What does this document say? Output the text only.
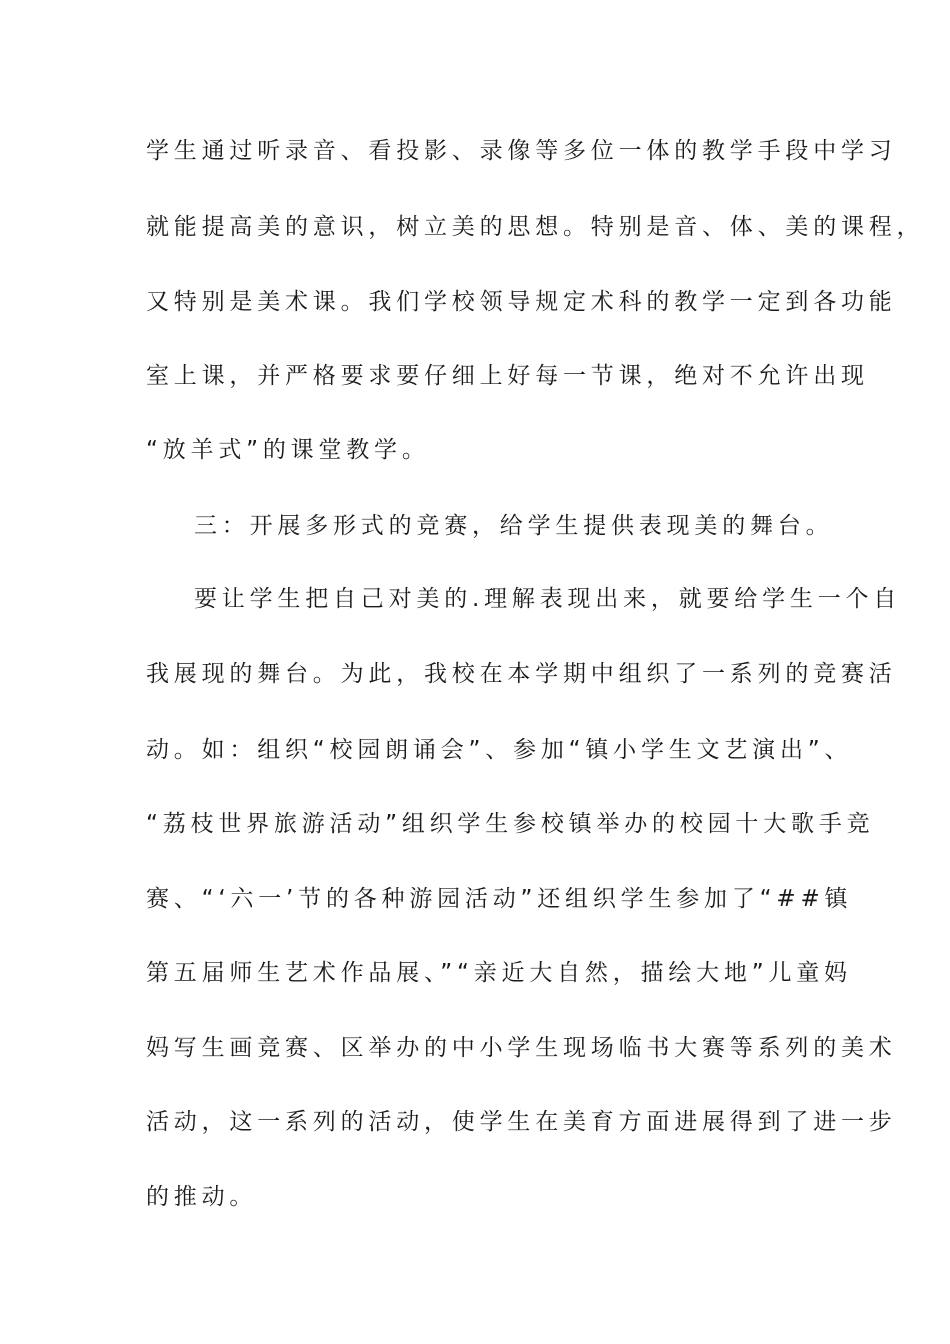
学生通过听录音、看投影、录像等多位一体的教学手段中学习
就能提高美的意识，树立美的思想。特别是音、体、美的课程，
又特别是美术课。我们学校领导规定术科的教学一定到各功能
室上课，并严格要求要仔细上好每一节课，绝对不允许出现
“放羊式”的课堂教学。
三：开展多形式的竞赛，给学生提供表现美的舞台。
要让学生把自己对美的.理解表现出来，就要给学生一个自
我展现的舞台。为此，我校在本学期中组织了一系列的竞赛活
动。如：组织“校园朗诵会”、参加“镇小学生文艺演出”、
“荔枝世界旅游活动”组织学生参校镇举办的校园十大歌手竞
赛、“‘六一’节的各种游园活动”还组织学生参加了“##镇
第五届师生艺术作品展、”“亲近大自然，描绘大地”儿童妈
妈写生画竞赛、区举办的中小学生现场临书大赛等系列的美术
活动，这一系列的活动，使学生在美育方面进展得到了进一步
的推动。
